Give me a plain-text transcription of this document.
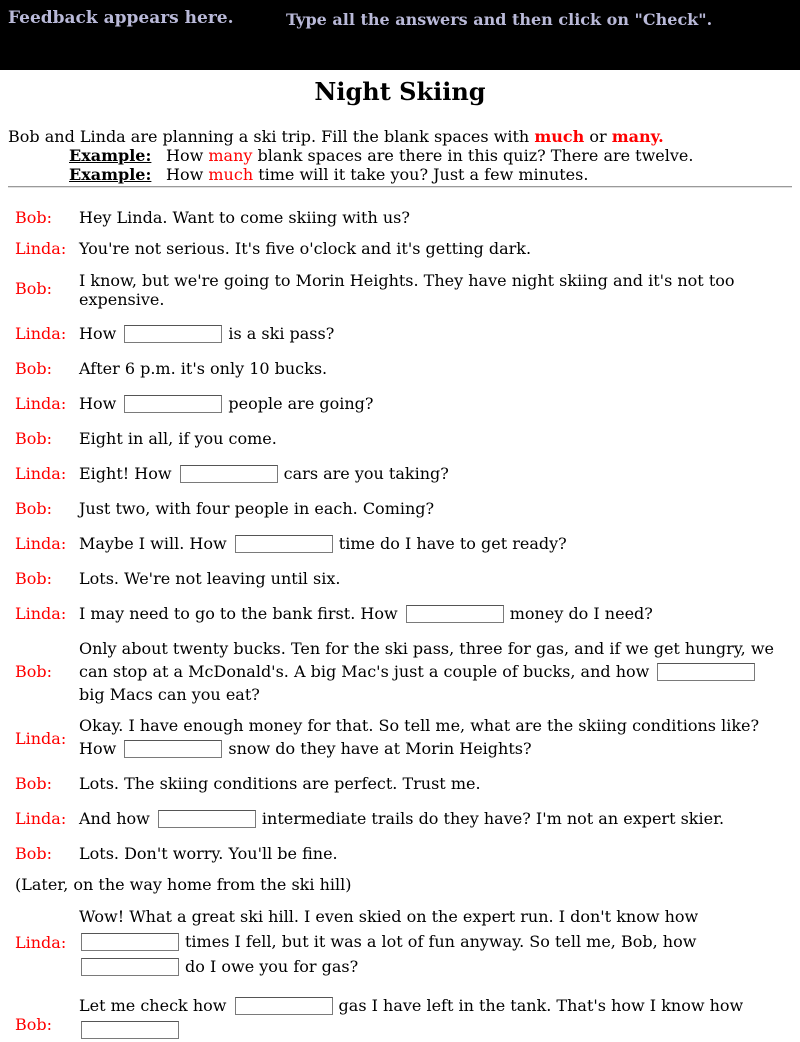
Feedback appears here.	Type all the answers and then click on "Check".
Night Skiing
Bob and Linda are planning a ski trip. Fill the blank spaces with much or many.
Example: How many blank spaces are there in this quiz? There are twelve.
Example: How much time will it take you? Just a few minutes.
Bob: Hey Linda. Want to come skiing with us?
Linda: You're not serious. It's five o'clock and it's getting dark.
Bob: I know, but we're going to Morin Heights. They have night skiing and it's not too expensive.
Linda: How	is a ski pass?
Bob: After 6 p.m. it's only 10 bucks.
Linda: How	people are going?
Bob: Eight in all, if you come.
Linda: Eight! How	cars are you taking?
Bob: Just two, with four people in each. Coming?
Linda: Maybe I will. How	time do I have to get ready?
Bob: Lots. We're not leaving until six.
Linda: I may need to go to the bank first. How	money do I need?
Bob:
Only about twenty bucks. Ten for the ski pass, three for gas, and if we get hungry, we can stop at a McDonald's. A big Mac's just a couple of bucks, and how big Macs can you eat?
Linda:
Okay. I have enough money for that. So tell me, what are the skiing conditions like? How	snow do they have at Morin Heights?
Bob: Lots. The skiing conditions are perfect. Trust me.
Linda: And how	intermediate trails do they have? I'm not an expert skier.
Bob: Lots. Don't worry. You'll be fine.
(Later, on the way home from the ski hill)
Linda:
Wow! What a great ski hill. I even skied on the expert run. I don't know how
times I fell, but it was a lot of fun anyway. So tell me, Bob, how
do I owe you for gas?
Bob:
Let me check how	gas I have left in the tank. That's how I know how
